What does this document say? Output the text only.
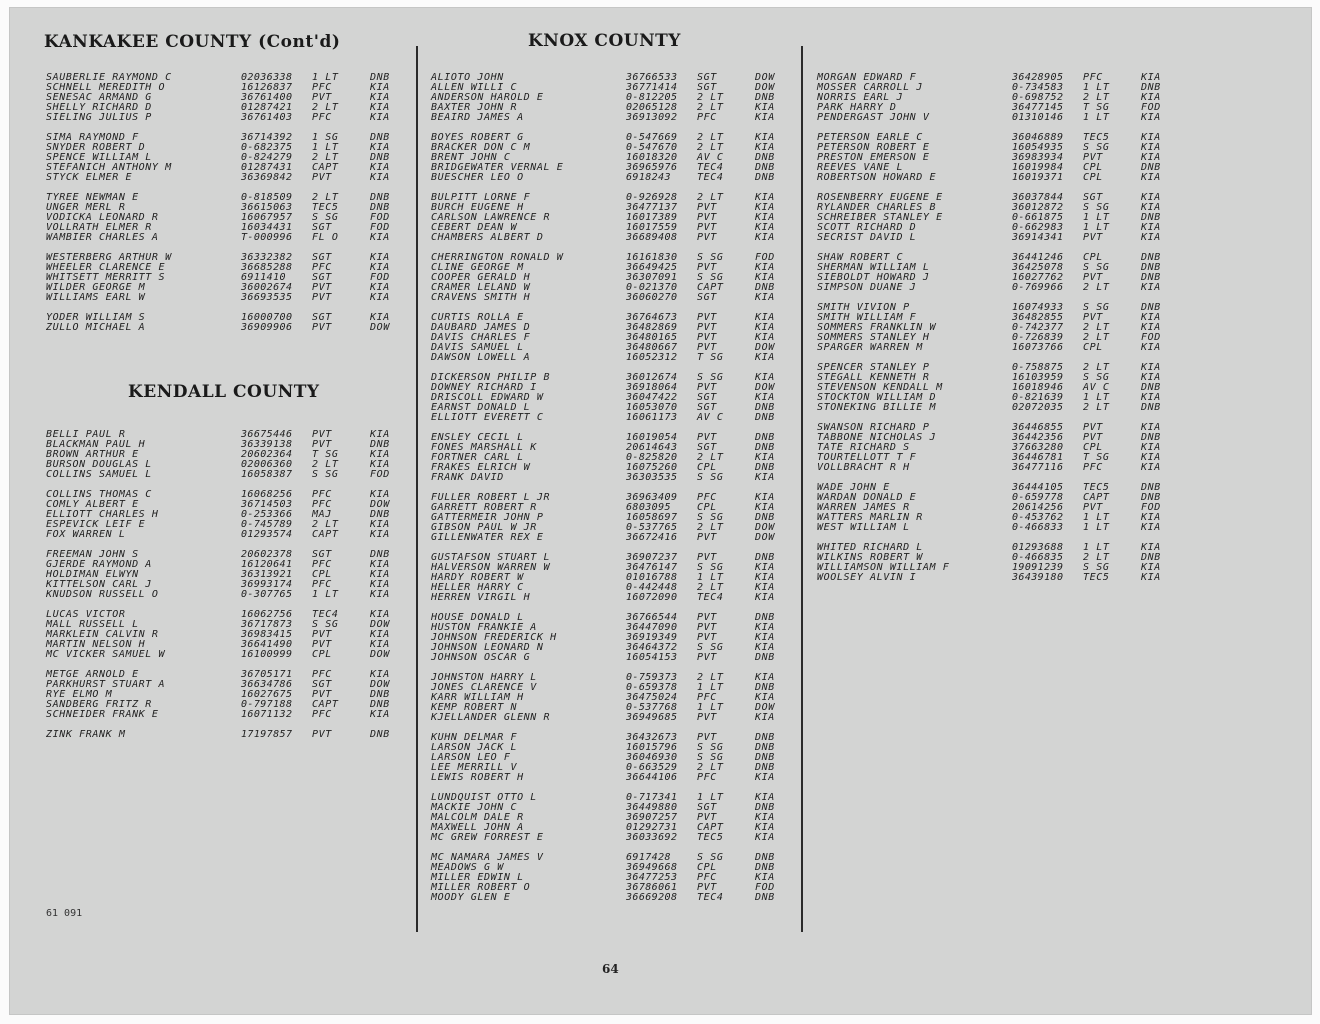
KANKAKEE COUNTY (Cont'd)	KNOX COUNTY
KENDALL COUNTY
SAUBERLIE RAYMOND C	02036338 1 LT	DNB
SCHNELL MEREDITH O	16126837 PFC	KIA
SENESAC ARMAND G	36761400 PVT	KIA
SHELLY RICHARD D	01287421 2 LT	KIA
SIELING JULIUS P	36761403 PFC	KIA
SIMA RAYMOND F	36714392 1 SG	DNB
SNYDER ROBERT D	0-682375 1 LT	KIA
SPENCE WILLIAM L	0-824279 2 LT	DNB
STEFANICH ANTHONY M	01287431 CAPT	KIA
STYCK ELMER E	36369842 PVT	KIA
TYREE NEWMAN E	0-818509 2 LT	DNB
UNGER MERL R	36615063 TEC5	DNB
VODICKA LEONARD R	16067957 S SG	FOD
VOLLRATH ELMER R	16034431 SGT	FOD
WAMBIER CHARLES A	T-000996 FL O	KIA
WESTERBERG ARTHUR W	36332382 SGT	KIA
WHEELER CLARENCE E	36685288 PFC	KIA
WHITSETT MERRITT S	6911410	SGT	FOD
WILDER GEORGE M	36002674 PVT	KIA
WILLIAMS EARL W	36693535 PVT	KIA
YODER WILLIAM S	16000700 SGT	KIA
ZULLO MICHAEL A	36909906 PVT	DOW
BELLI PAUL R	36675446 PVT	KIA
BLACKMAN PAUL H	36339138 PVT	DNB
BROWN ARTHUR E	20602364 T SG	KIA
BURSON DOUGLAS L	02006360 2 LT	KIA
COLLINS SAMUEL L	16058387 S SG	FOD
COLLINS THOMAS C	16068256 PFC	KIA
COMLY ALBERT E	36714503 PFC	DOW
ELLIOTT CHARLES H	0-253366 MAJ	DNB
ESPEVICK LEIF E	0-745789 2 LT	KIA
FOX WARREN L	01293574 CAPT	KIA
FREEMAN JOHN S	20602378 SGT	DNB
GJERDE RAYMOND A	16120641 PFC	KIA
HOLDIMAN ELWYN	36313921 CPL	KIA
KITTELSON CARL J	36993174 PFC	KIA
KNUDSON RUSSELL O	0-307765 1 LT	KIA
LUCAS VICTOR	16062756 TEC4	KIA
MALL RUSSELL L	36717873 S SG	DOW
MARKLEIN CALVIN R	36983415 PVT	KIA
MARTIN NELSON H	36641490 PVT	KIA
MC VICKER SAMUEL W	16100999 CPL	DOW
METGE ARNOLD E	36705171 PFC	KIA
PARKHURST STUART A	36634786 SGT	DOW
RYE ELMO M	16027675 PVT	DNB
SANDBERG FRITZ R	0-797188 CAPT	DNB
SCHNEIDER FRANK E	16071132 PFC	KIA
ZINK FRANK M	17197857 PVT	DNB
ALIOTO JOHN	36766533 SGT	DOW
ALLEN WILLI C	36771414 SGT	DOW
ANDERSON HAROLD E	0-812205 2 LT	DNB
BAXTER JOHN R	02065128 2 LT	KIA
BEAIRD JAMES A	36913092 PFC	KIA
BOYES ROBERT G	0-547669 2 LT	KIA
BRACKER DON C M	0-547670 2 LT	KIA
BRENT JOHN C	16018320 AV C	DNB
BRIDGEWATER VERNAL E	36965976 TEC4	DNB
BUESCHER LEO O	6918243	TEC4	DNB
BULPITT LORNE F	0-926928 2 LT	KIA
BURCH EUGENE H	36477137 PVT	KIA
CARLSON LAWRENCE R	16017389 PVT	KIA
CEBERT DEAN W	16017559 PVT	KIA
CHAMBERS ALBERT D	36689408 PVT	KIA
CHERRINGTON RONALD W	16161830 S SG	FOD
CLINE GEORGE M	36649425 PVT	KIA
COOPER GERALD H	36307091 S SG	KIA
CRAMER LELAND W	0-021370 CAPT	DNB
CRAVENS SMITH H	36060270 SGT	KIA
CURTIS ROLLA E	36764673 PVT	KIA
DAUBARD JAMES D	36482869 PVT	KIA
DAVIS CHARLES F	36480165 PVT	KIA
DAVIS SAMUEL L	36480667 PVT	DOW
DAWSON LOWELL A	16052312 T SG	KIA
DICKERSON PHILIP B	36012674 S SG	KIA
DOWNEY RICHARD I	36918064 PVT	DOW
DRISCOLL EDWARD W	36047422 SGT	KIA
EARNST DONALD L	16053070 SGT	DNB
ELLIOTT EVERETT C	16061173 AV C	DNB
ENSLEY CECIL L	16019054 PVT	DNB
FONES MARSHALL K	20614643 SGT	DNB
FORTNER CARL L	0-825820 2 LT	KIA
FRAKES ELRICH W	16075260 CPL	DNB
FRANK DAVID	36303535 S SG	KIA
FULLER ROBERT L JR	36963409 PFC	KIA
GARRETT ROBERT R	6803095	CPL	KIA
GATTERMEIR JOHN P	16058697 S SG	DNB
GIBSON PAUL W JR	0-537765 2 LT	DOW
GILLENWATER REX E	36672416 PVT	DOW
GUSTAFSON STUART L	36907237 PVT	DNB
HALVERSON WARREN W	36476147 S SG	KIA
HARDY ROBERT W	01016788 1 LT	KIA
HELLER HARRY C	0-442448 2 LT	KIA
HERREN VIRGIL H	16072090 TEC4	KIA
HOUSE DONALD L	36766544 PVT	DNB
HUSTON FRANKIE A	36447090 PVT	KIA
JOHNSON FREDERICK H	36919349 PVT	KIA
JOHNSON LEONARD N	36464372 S SG	KIA
JOHNSON OSCAR G	16054153 PVT	DNB
JOHNSTON HARRY L	0-759373 2 LT	KIA
JONES CLARENCE V	0-659378 1 LT	DNB
KARR WILLIAM H	36475024 PFC	KIA
KEMP ROBERT N	0-537768 1 LT	DOW
KJELLANDER GLENN R	36949685 PVT	KIA
KUHN DELMAR F	36432673 PVT	DNB
LARSON JACK L	16015796 S SG	DNB
LARSON LEO F	36046930 S SG	DNB
LEE MERRILL V	0-663529 2 LT	DNB
LEWIS ROBERT H	36644106 PFC	KIA
LUNDQUIST OTTO L	0-717341 1 LT	KIA
MACKIE JOHN C	36449880 SGT	DNB
MALCOLM DALE R	36907257 PVT	KIA
MAXWELL JOHN A	01292731 CAPT	KIA
MC GREW FORREST E	36033692 TEC5	KIA
MC NAMARA JAMES V	6917428	S SG	DNB
MEADOWS G W	36949668 CPL	DNB
MILLER EDWIN L	36477253 PFC	KIA
MILLER ROBERT O	36786061 PVT	FOD
MOODY GLEN E	36669208 TEC4	DNB
MORGAN EDWARD F	36428905 PFC	KIA
MOSSER CARROLL J	0-734583 1 LT	DNB
NORRIS EARL J	0-698752 2 LT	KIA
PARK HARRY D	36477145 T SG	FOD
PENDERGAST JOHN V	01310146 1 LT	KIA
PETERSON EARLE C	36046889 TEC5	KIA
PETERSON ROBERT E	16054935 S SG	KIA
PRESTON EMERSON E	36983934 PVT	KIA
REEVES VANE L	16019984 CPL	DNB
ROBERTSON HOWARD E	16019371 CPL	KIA
ROSENBERRY EUGENE E	36037844 SGT	KIA
RYLANDER CHARLES B	36012872 S SG	KIA
SCHREIBER STANLEY E	0-661875 1 LT	DNB
SCOTT RICHARD D	0-662983 1 LT	KIA
SECRIST DAVID L	36914341 PVT	KIA
SHAW ROBERT C	36441246 CPL	DNB
SHERMAN WILLIAM L	36425078 S SG	DNB
SIEBOLDT HOWARD J	16027762 PVT	DNB
SIMPSON DUANE J	0-769966 2 LT	KIA
SMITH VIVION P	16074933 S SG	DNB
SMITH WILLIAM F	36482855 PVT	KIA
SOMMERS FRANKLIN W	0-742377 2 LT	KIA
SOMMERS STANLEY H	0-726839 2 LT	FOD
SPARGER WARREN M	16073766 CPL	KIA
SPENCER STANLEY P	0-758875 2 LT	KIA
STEGALL KENNETH R	16103959 S SG	KIA
STEVENSON KENDALL M	16018946 AV C	DNB
STOCKTON WILLIAM D	0-821639 1 LT	KIA
STONEKING BILLIE M	02072035 2 LT	DNB
SWANSON RICHARD P	36446855 PVT	KIA
TABBONE NICHOLAS J	36442356 PVT	DNB
TATE RICHARD S	37663280 CPL	KIA
TOURTELLOTT T F	36446781 T SG	KIA
VOLLBRACHT R H	36477116 PFC	KIA
WADE JOHN E	36444105 TEC5	DNB
WARDAN DONALD E	0-659778 CAPT	DNB
WARREN JAMES R	20614256 PVT	FOD
WATTERS MARLIN R	0-453762 1 LT	KIA
WEST WILLIAM L	0-466833 1 LT	KIA
WHITED RICHARD L	01293688 1 LT	KIA
WILKINS ROBERT W	0-466835 2 LT	DNB
WILLIAMSON WILLIAM F	19091239 S SG	KIA
WOOLSEY ALVIN I	36439180 TEC5	KIA
61 091
64
